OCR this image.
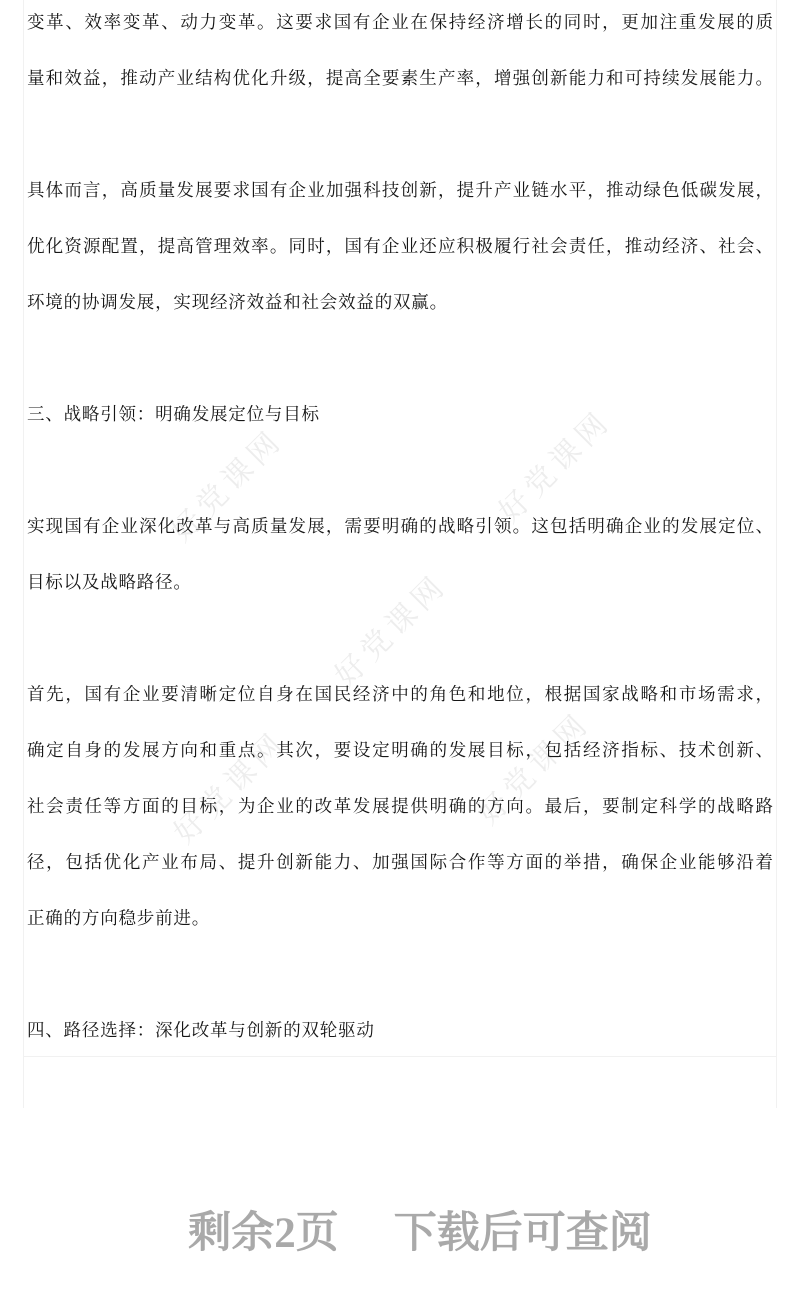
好党课网	好党课网
好党课网
好党课网	好党课网
变革、效率变革、动力变革。这要求国有企业在保持经济增长的同时，更加注重发展的质
量和效益，推动产业结构优化升级，提高全要素生产率，增强创新能力和可持续发展能力。
具体而言，高质量发展要求国有企业加强科技创新，提升产业链水平，推动绿色低碳发展，
优化资源配置，提高管理效率。同时，国有企业还应积极履行社会责任，推动经济、社会、
环境的协调发展，实现经济效益和社会效益的双赢。
三、战略引领：明确发展定位与目标
实现国有企业深化改革与高质量发展，需要明确的战略引领。这包括明确企业的发展定位、
目标以及战略路径。
首先，国有企业要清晰定位自身在国民经济中的角色和地位，根据国家战略和市场需求，
确定自身的发展方向和重点。其次，要设定明确的发展目标，包括经济指标、技术创新、
社会责任等方面的目标，为企业的改革发展提供明确的方向。最后，要制定科学的战略路
径，包括优化产业布局、提升创新能力、加强国际合作等方面的举措，确保企业能够沿着
正确的方向稳步前进。
四、路径选择：深化改革与创新的双轮驱动
剩余2页 下载后可查阅
